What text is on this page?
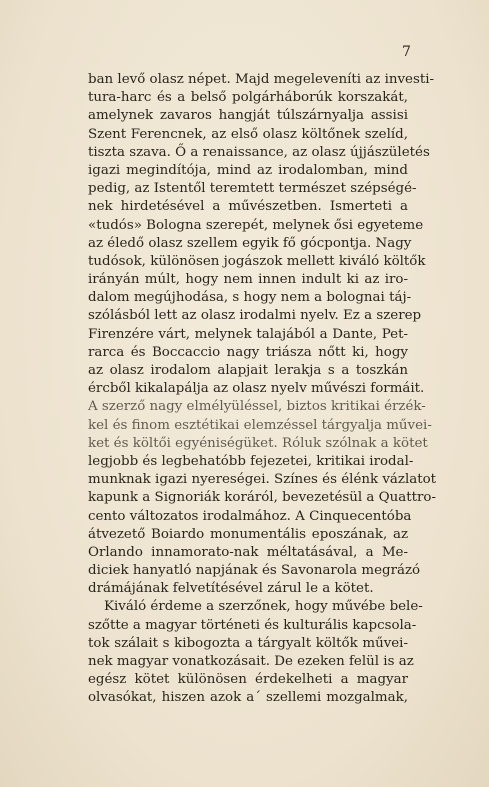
7
ban levő olasz népet. Majd megeleveníti az investi-
tura-harc és a belső polgárháborúk korszakát,
amelynek zavaros hangját túlszárnyalja assisi
Szent Ferencnek, az első olasz költőnek szelíd,
tiszta szava. Ő a renaissance, az olasz újjászületés
igazi megindítója, mind az irodalomban, mind
pedig, az Istentől teremtett természet szépségé-
nek hirdetésével a művészetben. Ismerteti a
«tudós» Bologna szerepét, melynek ősi egyeteme
az éledő olasz szellem egyik fő gócpontja. Nagy
tudósok, különösen jogászok mellett kiváló költők
irányán múlt, hogy nem innen indult ki az iro-
dalom megújhodása, s hogy nem a bolognai táj-
szólásból lett az olasz irodalmi nyelv. Ez a szerep
Firenzére várt, melynek talajából a Dante, Pet-
rarca és Boccaccio nagy triásza nőtt ki, hogy
az olasz irodalom alapjait lerakja s a toszkán
ércből kikalapálja az olasz nyelv művészi formáit.
A szerző nagy elmélyüléssel, biztos kritikai érzék-
kel és finom esztétikai elemzéssel tárgyalja művei-
ket és költői egyéniségüket. Róluk szólnak a kötet
legjobb és legbehatóbb fejezetei, kritikai irodal-
munknak igazi nyereségei. Színes és élénk vázlatot
kapunk a Signoriák koráról, bevezetésül a Quattro-
cento változatos irodalmához. A Cinquecentóba
átvezető Boiardo monumentális eposzának, az
Orlando innamorato-nak méltatásával, a Me-
diciek hanyatló napjának és Savonarola megrázó
drámájának felvetítésével zárul le a kötet.
Kiváló érdeme a szerzőnek, hogy művébe bele-
szőtte a magyar történeti és kulturális kapcsola-
tok szálait s kibogozta a tárgyalt költők művei-
nek magyar vonatkozásait. De ezeken felül is az
egész kötet különösen érdekelheti a magyar
olvasókat, hiszen azok a´ szellemi mozgalmak,
